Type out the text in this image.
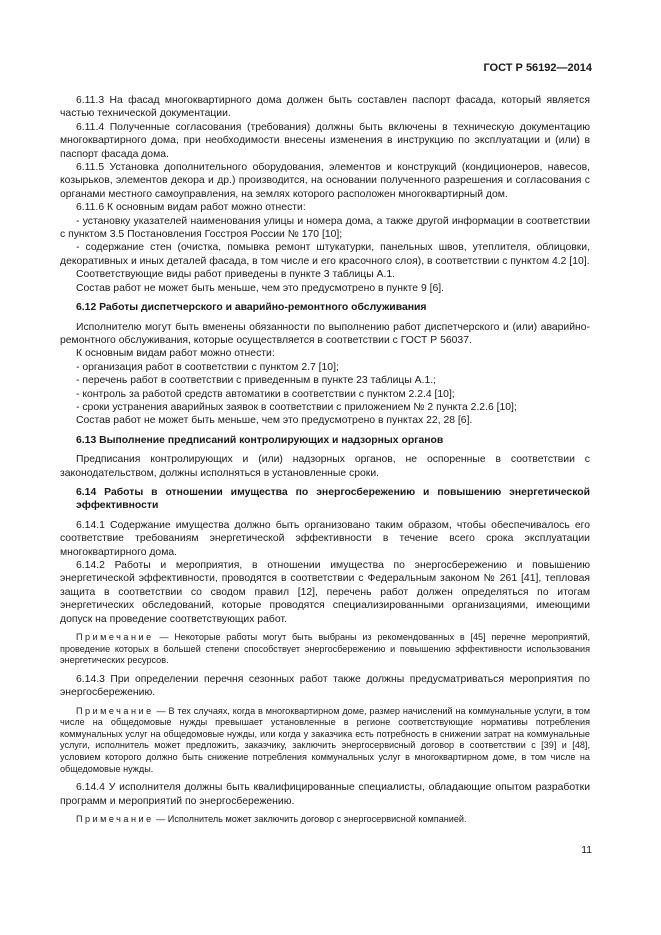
ГОСТ Р 56192—2014

6.11.3 На фасад многоквартирного дома должен быть составлен паспорт фасада, который является частью технической документации.

6.11.4 Полученные согласования (требования) должны быть включены в техническую документацию многоквартирного дома, при необходимости внесены изменения в инструкцию по эксплуатации и (или) в паспорт фасада дома.

6.11.5 Установка дополнительного оборудования, элементов и конструкций (кондиционеров, навесов, козырьков, элементов декора и др.) производится, на основании полученного разрешения и согласования с органами местного самоуправления, на землях которого расположен многоквартирный дом.

6.11.6 К основным видам работ можно отнести:

- установку указателей наименования улицы и номера дома, а также другой информации в соответствии с пунктом 3.5 Постановления Госстроя России № 170 [10];

- содержание стен (очистка, помывка ремонт штукатурки, панельных швов, утеплителя, облицовки, декоративных и иных деталей фасада, в том числе и его красочного слоя), в соответствии с пунктом 4.2 [10].

Соответствующие виды работ приведены в пункте 3 таблицы А.1.

Состав работ не может быть меньше, чем это предусмотрено в пункте 9 [6].

6.12 Работы диспетчерского и аварийно-ремонтного обслуживания

Исполнителю могут быть вменены обязанности по выполнению работ диспетчерского и (или) аварийно-ремонтного обслуживания, которые осуществляется в соответствии с ГОСТ Р 56037.

К основным видам работ можно отнести:

- организация работ в соответствии с пунктом 2.7 [10];

- перечень работ в соответствии с приведенным в пункте 23 таблицы А.1.;

- контроль за работой средств автоматики в соответствии с пунктом 2.2.4 [10];

- сроки устранения аварийных заявок в соответствии с приложением № 2 пункта 2.2.6 [10];

Состав работ не может быть меньше, чем это предусмотрено в пунктах 22, 28 [6].

6.13 Выполнение предписаний контролирующих и надзорных органов

Предписания контролирующих и (или) надзорных органов, не оспоренные в соответствии с законодательством, должны исполняться в установленные сроки.

6.14 Работы в отношении имущества по энергосбережению и повышению энергетической эффективности

6.14.1 Содержание имущества должно быть организовано таким образом, чтобы обеспечивалось его соответствие требованиям энергетической эффективности в течение всего срока эксплуатации многоквартирного дома.

6.14.2 Работы и мероприятия, в отношении имущества по энергосбережению и повышению энергетической эффективности, проводятся в соответствии с Федеральным законом № 261 [41], тепловая защита в соответствии со сводом правил [12], перечень работ должен определяться по итогам энергетических обследований, которые проводятся специализированными организациями, имеющими допуск на проведение соответствующих работ.

Примечание — Некоторые работы могут быть выбраны из рекомендованных в [45] перечне мероприятий, проведение которых в большей степени способствует энергосбережению и повышению эффективности использования энергетических ресурсов.

6.14.3 При определении перечня сезонных работ также должны предусматриваться мероприятия по энергосбережению.

Примечание — В тех случаях, когда в многоквартирном доме, размер начислений на коммунальные услуги, в том числе на общедомовые нужды превышает установленные в регионе соответствующие нормативы потребления коммунальных услуг на общедомовые нужды, или когда у заказчика есть потребность в снижении затрат на коммунальные услуги, исполнитель может предложить, заказчику, заключить энергосервисный договор в соответствии с [39] и [48], условием которого должно быть снижение потребления коммунальных услуг в многоквартирном доме, в том числе на общедомовые нужды.

6.14.4 У исполнителя должны быть квалифицированные специалисты, обладающие опытом разработки программ и мероприятий по энергосбережению.

Примечание — Исполнитель может заключить договор с энергосервисной компанией.

11
